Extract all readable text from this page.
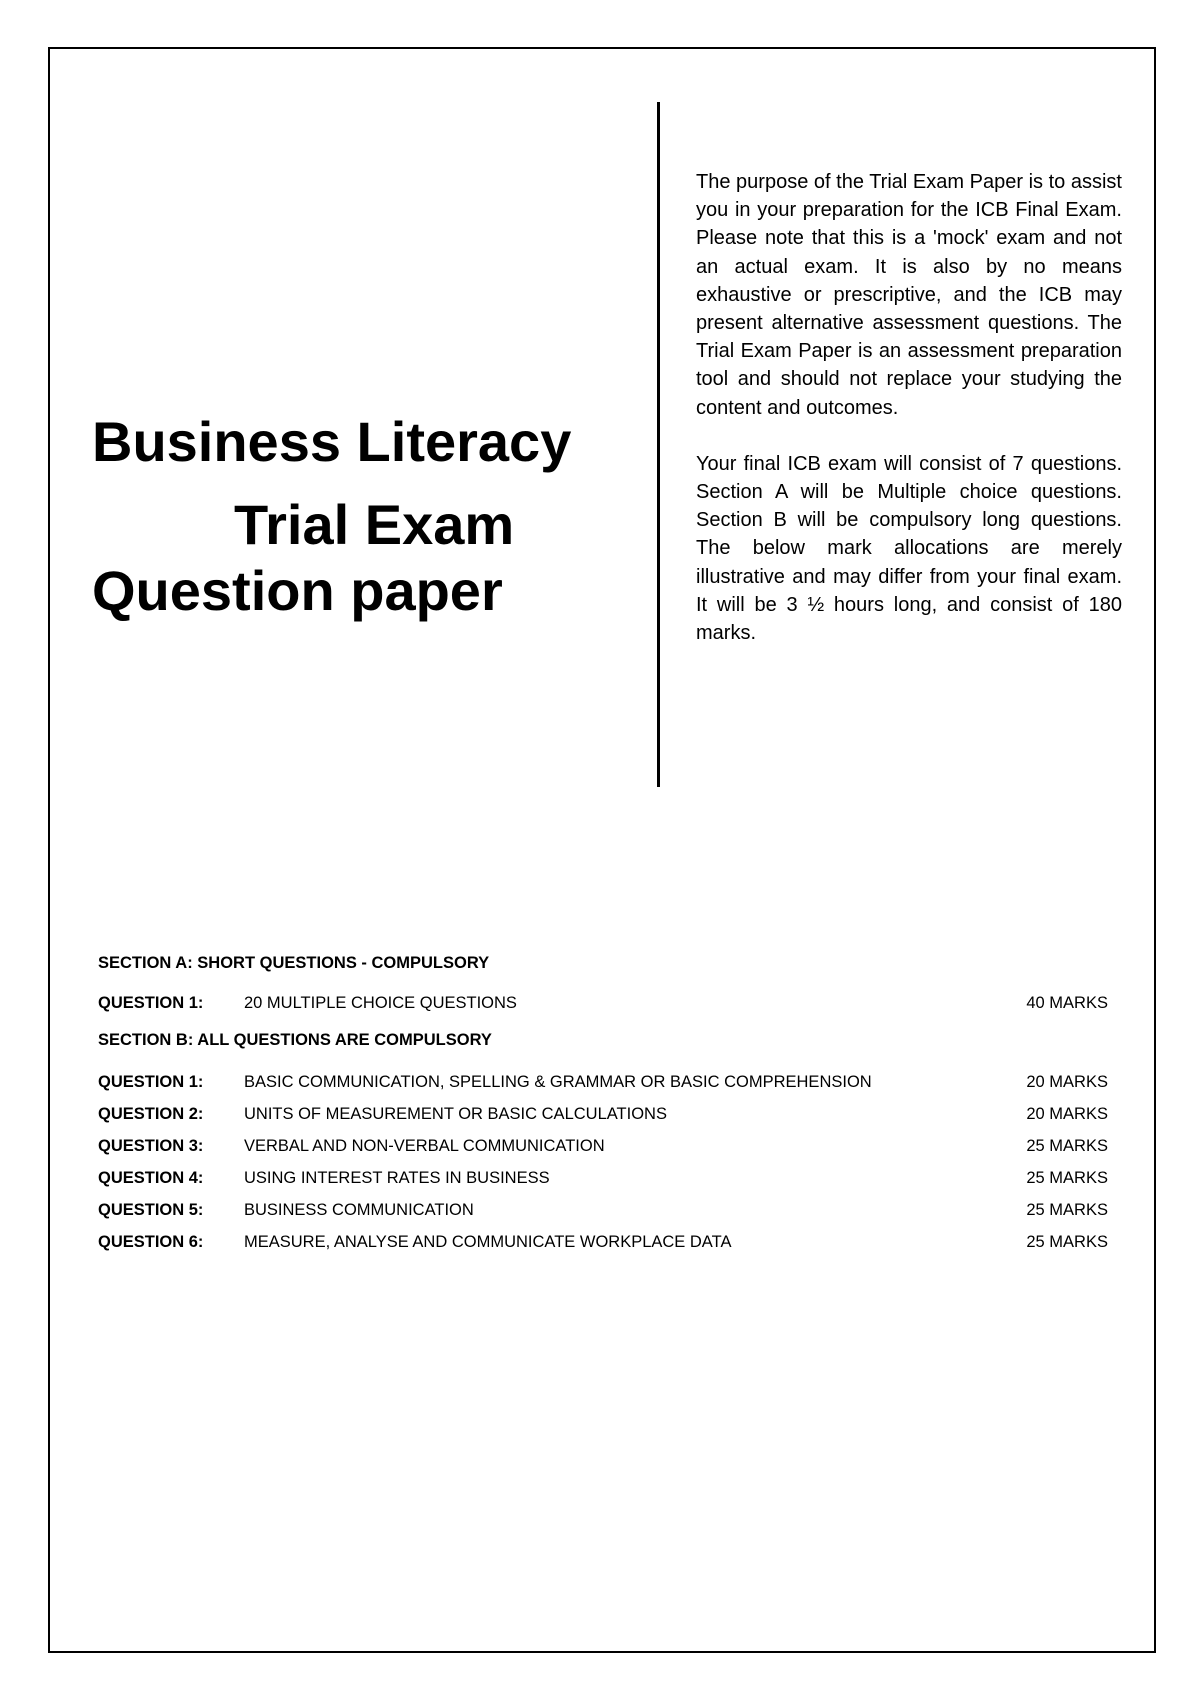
Business Literacy
Trial Exam
Question paper

The purpose of the Trial Exam Paper is to assist you in your preparation for the ICB Final Exam. Please note that this is a 'mock' exam and not an actual exam. It is also by no means exhaustive or prescriptive, and the ICB may present alternative assessment questions. The Trial Exam Paper is an assessment preparation tool and should not replace your studying the content and outcomes.

Your final ICB exam will consist of 7 questions. Section A will be Multiple choice questions. Section B will be compulsory long questions. The below mark allocations are merely illustrative and may differ from your final exam. It will be 3 ½ hours long, and consist of 180 marks.

SECTION A: SHORT QUESTIONS - COMPULSORY
QUESTION 1: 20 MULTIPLE CHOICE QUESTIONS	40 MARKS
SECTION B: ALL QUESTIONS ARE COMPULSORY
QUESTION 1: BASIC COMMUNICATION, SPELLING & GRAMMAR OR BASIC COMPREHENSION	20 MARKS
QUESTION 2: UNITS OF MEASUREMENT OR BASIC CALCULATIONS	20 MARKS
QUESTION 3: VERBAL AND NON-VERBAL COMMUNICATION	25 MARKS
QUESTION 4: USING INTEREST RATES IN BUSINESS	25 MARKS
QUESTION 5: BUSINESS COMMUNICATION	25 MARKS
QUESTION 6: MEASURE, ANALYSE AND COMMUNICATE WORKPLACE DATA	25 MARKS
